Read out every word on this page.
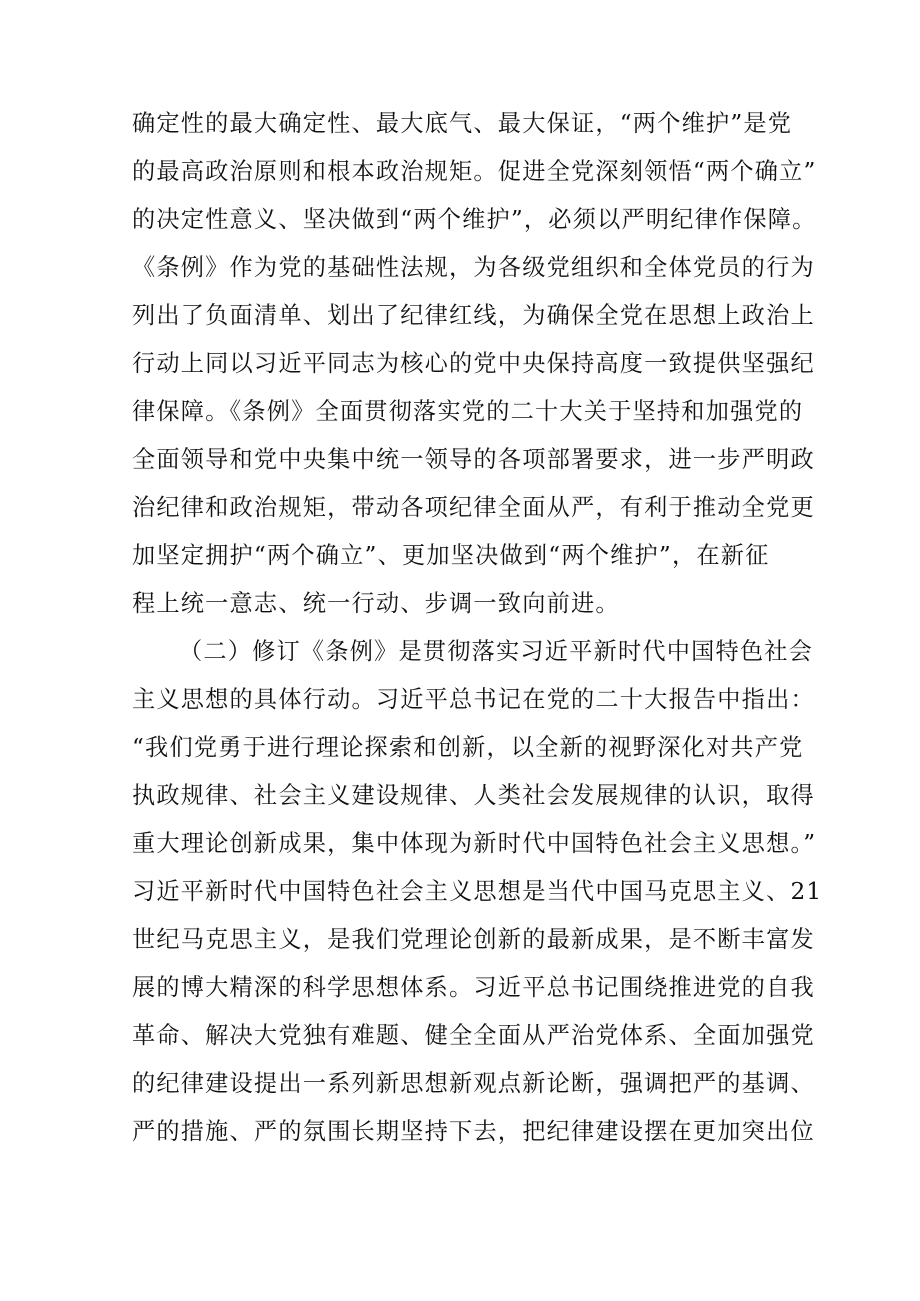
确定性的最大确定性、最大底气、最大保证，“两个维护”是党
的最高政治原则和根本政治规矩。促进全党深刻领悟“两个确立”
的决定性意义、坚决做到“两个维护”，必须以严明纪律作保障。
《条例》作为党的基础性法规，为各级党组织和全体党员的行为
列出了负面清单、划出了纪律红线，为确保全党在思想上政治上
行动上同以习近平同志为核心的党中央保持高度一致提供坚强纪
律保障。《条例》全面贯彻落实党的二十大关于坚持和加强党的
全面领导和党中央集中统一领导的各项部署要求，进一步严明政
治纪律和政治规矩，带动各项纪律全面从严，有利于推动全党更
加坚定拥护“两个确立”、更加坚决做到“两个维护”，在新征
程上统一意志、统一行动、步调一致向前进。
（二）修订《条例》是贯彻落实习近平新时代中国特色社会
主义思想的具体行动。习近平总书记在党的二十大报告中指出：
“我们党勇于进行理论探索和创新，以全新的视野深化对共产党
执政规律、社会主义建设规律、人类社会发展规律的认识，取得
重大理论创新成果，集中体现为新时代中国特色社会主义思想。”
习近平新时代中国特色社会主义思想是当代中国马克思主义、21
世纪马克思主义，是我们党理论创新的最新成果，是不断丰富发
展的博大精深的科学思想体系。习近平总书记围绕推进党的自我
革命、解决大党独有难题、健全全面从严治党体系、全面加强党
的纪律建设提出一系列新思想新观点新论断，强调把严的基调、
严的措施、严的氛围长期坚持下去，把纪律建设摆在更加突出位
